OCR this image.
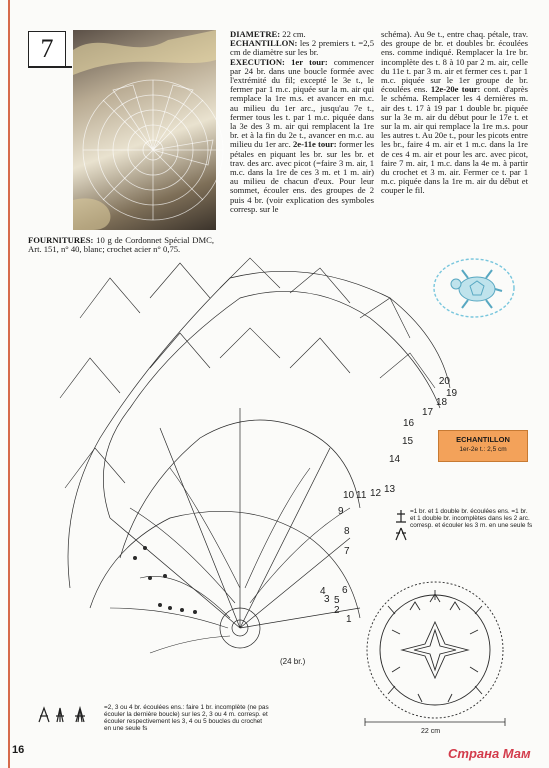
7
FOURNITURES: 10 g de Cordonnet Spécial DMC, Art. 151, n° 40, blanc; crochet acier n° 0,75.
DIAMETRE: 22 cm.
ECHANTILLON: les 2 premiers t. =2,5 cm de diamètre sur les br.
EXECUTION: 1er tour: commencer par 24 br. dans une boucle formée avec l'extrémité du fil; excepté le 3e t., le fermer par 1 m.c. piquée sur la m. air qui remplace la 1re m.s. et avancer en m.c. au milieu du 1er arc., jusqu'au 7e t., fermer tous les t. par 1 m.c. piquée dans la 3e des 3 m. air qui remplacent la 1re br. et à la fin du 2e t., avancer en m.c. au milieu du 1er arc. 2e-11e tour: former les pétales en piquant les br. sur les br. et trav. des arc. avec picot (=faire 3 m. air, 1 m.c. dans la 1re de ces 3 m. et 1 m. air) au milieu de chacun d'eux. Pour leur sommet, écouler ens. des groupes de 2 puis 4 br. (voir explication des symboles corresp. sur le
schéma). Au 9e t., entre chaq. pétale, trav. des groupe de br. et doubles br. écoulées ens. comme indiqué. Remplacer la 1re br. incomplète des t. 8 à 10 par 2 m. air, celle du 11e t. par 3 m. air et fermer ces t. par 1 m.c. piquée sur le 1er groupe de br. écoulées ens. 12e-20e tour: cont. d'après le schéma. Remplacer les 4 dernières m. air des t. 17 à 19 par 1 double br. piquée sur la 3e m. air du début pour le 17e t. et sur la m. air qui remplace la 1re m.s. pour les autres t. Au 20e t., pour les picots entre les br., faire 4 m. air et 1 m.c. dans la 1re de ces 4 m. air et pour les arc. avec picot, faire 7 m. air, 1 m.c. dans la 4e m. à partir du crochet et 3 m. air. Fermer ce t. par 1 m.c. piquée dans la 1re m. air du début et couper le fil.
1
2
3
4
5
6
7
8
9
10 11 12 13
14
15
16
17
18
19
20
(24 br.)
ECHANTILLON
1er-2e t.: 2,5 cm
=1 br. et 1 double br. écoulées ens. =1 br. et 1 double br. incomplètes dans les 2 arc. corresp. et écouler les 3 m. en une seule fs
22 cm
=2, 3 ou 4 br. écoulées ens.: faire 1 br. incomplète (ne pas écouler la dernière boucle) sur les 2, 3 ou 4 m. corresp. et écouler respectivement les 3, 4 ou 5 boucles du crochet en une seule fs
16	Страна Мам
